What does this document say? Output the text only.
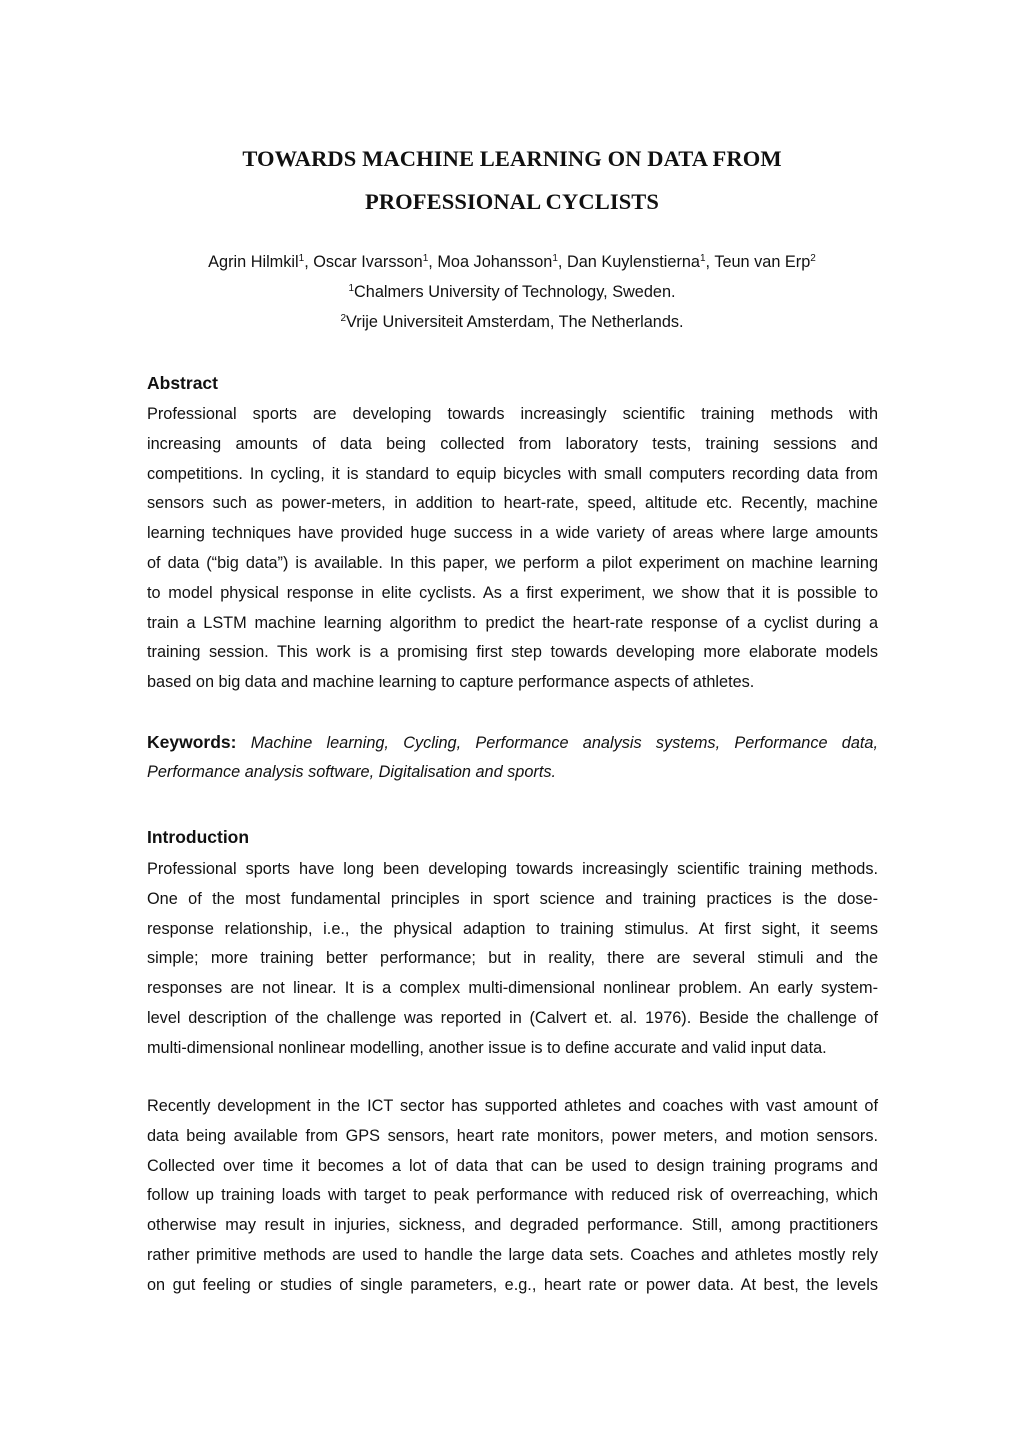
TOWARDS MACHINE LEARNING ON DATA FROM
PROFESSIONAL CYCLISTS
Agrin Hilmkil$^1$, Oscar Ivarsson$^1$, Moa Johansson$^1$, Dan Kuylenstierna$^1$, Teun van Erp$^2$
$^1$Chalmers University of Technology, Sweden.
$^2$Vrije Universiteit Amsterdam, The Netherlands.
Abstract
Professional sports are developing towards increasingly scientific training methods with
increasing amounts of data being collected from laboratory tests, training sessions and
competitions. In cycling, it is standard to equip bicycles with small computers recording data from
sensors such as power-meters, in addition to heart-rate, speed, altitude etc. Recently, machine
learning techniques have provided huge success in a wide variety of areas where large amounts
of data (“big data”) is available. In this paper, we perform a pilot experiment on machine learning
to model physical response in elite cyclists. As a first experiment, we show that it is possible to
train a LSTM machine learning algorithm to predict the heart-rate response of a cyclist during a
training session. This work is a promising first step towards developing more elaborate models
based on big data and machine learning to capture performance aspects of athletes.
Keywords: Machine learning, Cycling, Performance analysis systems, Performance data,
Performance analysis software, Digitalisation and sports.
Introduction
Professional sports have long been developing towards increasingly scientific training methods.
One of the most fundamental principles in sport science and training practices is the dose-
response relationship, i.e., the physical adaption to training stimulus. At first sight, it seems
simple; more training better performance; but in reality, there are several stimuli and the
responses are not linear. It is a complex multi-dimensional nonlinear problem. An early system-
level description of the challenge was reported in (Calvert et. al. 1976). Beside the challenge of
multi-dimensional nonlinear modelling, another issue is to define accurate and valid input data.
Recently development in the ICT sector has supported athletes and coaches with vast amount of
data being available from GPS sensors, heart rate monitors, power meters, and motion sensors.
Collected over time it becomes a lot of data that can be used to design training programs and
follow up training loads with target to peak performance with reduced risk of overreaching, which
otherwise may result in injuries, sickness, and degraded performance. Still, among practitioners
rather primitive methods are used to handle the large data sets. Coaches and athletes mostly rely
on gut feeling or studies of single parameters, e.g., heart rate or power data. At best, the levels
